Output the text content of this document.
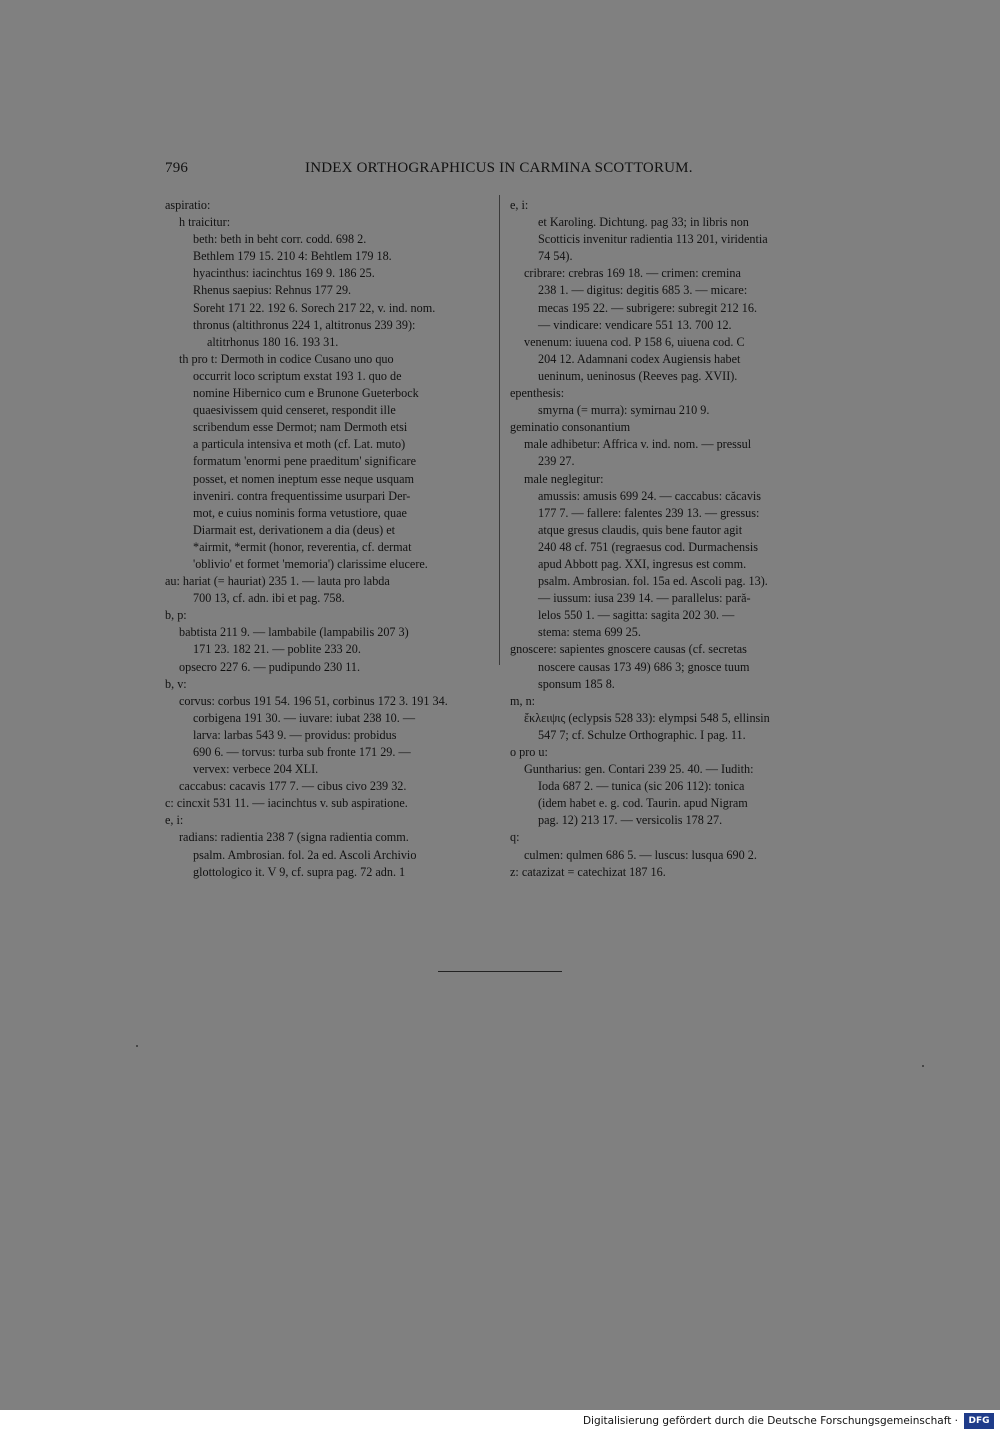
796	INDEX ORTHOGRAPHICUS IN CARMINA SCOTTORUM.
aspiratio:
h traicitur:
beth: beth in beht corr. codd. 698 2.
Bethlem 179 15. 210 4: Behtlem 179 18.
hyacinthus: iacinchtus 169 9. 186 25.
Rhenus saepius: Rehnus 177 29.
Soreht 171 22. 192 6. Sorech 217 22, v. ind. nom.
thronus (altithronus 224 1, altitronus 239 39):
altitrhonus 180 16. 193 31.
th pro t: Dermoth in codice Cusano uno quo
occurrit loco scriptum exstat 193 1. quo de
nomine Hibernico cum e Brunone Gueterbock
quaesivissem quid censeret, respondit ille
scribendum esse Dermot; nam Dermoth etsi
a particula intensiva et moth (cf. Lat. muto)
formatum 'enormi pene praeditum' significare
posset, et nomen ineptum esse neque usquam
inveniri. contra frequentissime usurpari Der-
mot, e cuius nominis forma vetustiore, quae
Diarmait est, derivationem a dia (deus) et
*airmit, *ermit (honor, reverentia, cf. dermat
'oblivio' et formet 'memoria') clarissime elucere.
au: hariat (= hauriat) 235 1. — lauta pro labda
700 13, cf. adn. ibi et pag. 758.
b, p:
babtista 211 9. — lambabile (lampabilis 207 3)
171 23. 182 21. — poblite 233 20.
opsecro 227 6. — pudipundo 230 11.
b, v:
corvus: corbus 191 54. 196 51, corbinus 172 3. 191 34.
corbigena 191 30. — iuvare: iubat 238 10. —
larva: larbas 543 9. — providus: probidus
690 6. — torvus: turba sub fronte 171 29. —
vervex: verbece 204 XLI.
caccabus: cacavis 177 7. — cibus civo 239 32.
c: cincxit 531 11. — iacinchtus v. sub aspiratione.
e, i:
radians: radientia 238 7 (signa radientia comm.
psalm. Ambrosian. fol. 2a ed. Ascoli Archivio
glottologico it. V 9, cf. supra pag. 72 adn. 1
e, i:
et Karoling. Dichtung. pag 33; in libris non
Scotticis invenitur radientia 113 201, viridentia
74 54).
cribrare: crebras 169 18. — crimen: cremina
238 1. — digitus: degitis 685 3. — micare:
mecas 195 22. — subrigere: subregit 212 16.
— vindicare: vendicare 551 13. 700 12.
venenum: iuuena cod. P 158 6, uiuena cod. C
204 12. Adamnani codex Augiensis habet
ueninum, ueninosus (Reeves pag. XVII).
epenthesis:
smyrna (= murra): symirnau 210 9.
geminatio consonantium
male adhibetur: Affrica v. ind. nom. — pressul
239 27.
male neglegitur:
amussis: amusis 699 24. — caccabus: căcavis
177 7. — fallere: falentes 239 13. — gressus:
atque gresus claudis, quis bene fautor agit
240 48 cf. 751 (regraesus cod. Durmachensis
apud Abbott pag. XXI, ingresus est comm.
psalm. Ambrosian. fol. 15a ed. Ascoli pag. 13).
— iussum: iusa 239 14. — parallelus: pară-
lelos 550 1. — sagitta: sagita 202 30. —
stema: stema 699 25.
gnoscere: sapientes gnoscere causas (cf. secretas
noscere causas 173 49) 686 3; gnosce tuum
sponsum 185 8.
m, n:
ἔκλειψις (eclypsis 528 33): elympsi 548 5, ellinsin
547 7; cf. Schulze Orthographic. I pag. 11.
o pro u:
Guntharius: gen. Contari 239 25. 40. — Iudith:
Ioda 687 2. — tunica (sic 206 112): tonica
(idem habet e. g. cod. Taurin. apud Nigram
pag. 12) 213 17. — versicolis 178 27.
q:
culmen: qulmen 686 5. — luscus: lusqua 690 2.
z: catazizat = catechizat 187 16.
Digitalisierung gefördert durch die Deutsche Forschungsgemeinschaft ·	DFG
